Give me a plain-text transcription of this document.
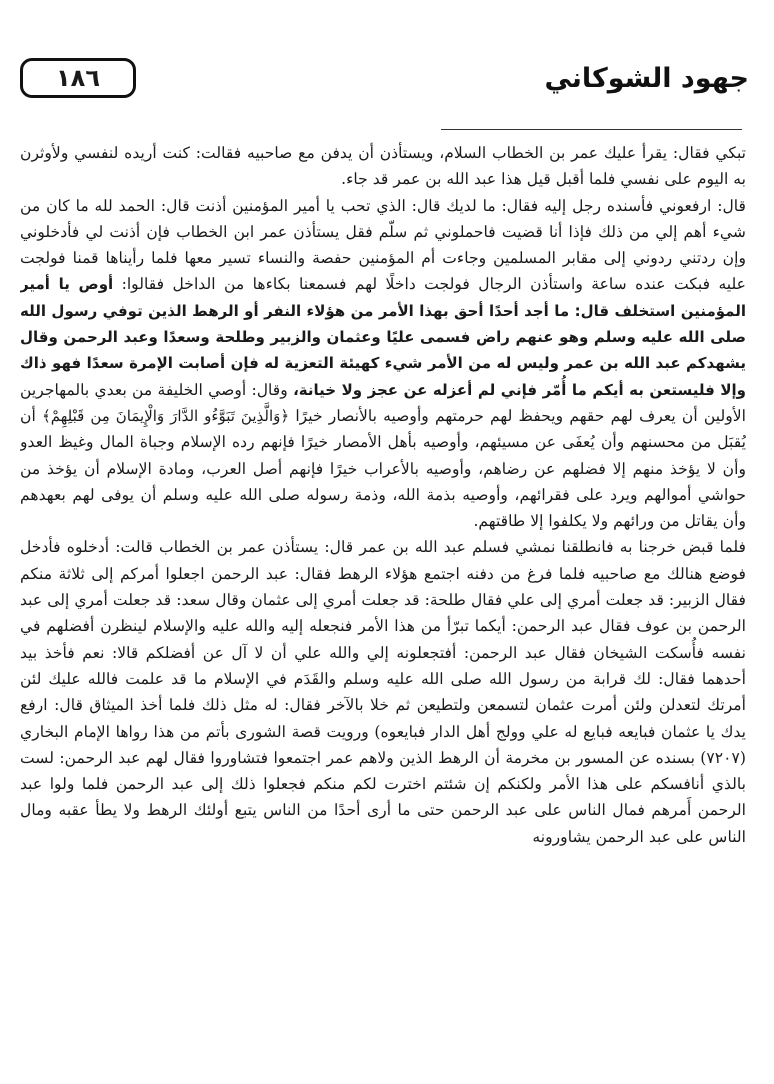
١٨٦	جهود الشوكاني

تبكي فقال: يقرأ عليك عمر بن الخطاب السلام، ويستأذن أن يدفن مع صاحبيه فقالت: كنت أريده لنفسي ولأوثرن به اليوم على نفسي فلما أقبل قيل هذا عبد الله بن عمر قد جاء.

قال: ارفعوني فأسنده رجل إليه فقال: ما لديك قال: الذي تحب يا أمير المؤمنين أذنت قال: الحمد لله ما كان من شيء أهم إلي من ذلك فإذا أنا قضيت فاحملوني ثم سلّم فقل يستأذن عمر ابن الخطاب فإن أذنت لي فأدخلوني وإن ردتني ردوني إلى مقابر المسلمين وجاءت أم المؤمنين حفصة والنساء تسير معها فلما رأيناها قمنا فولجت عليه فبكت عنده ساعة واستأذن الرجال فولجت داخلًا لهم فسمعنا بكاءها من الداخل فقالوا: أوص يا أمير المؤمنين استخلف قال: ما أجد أحدًا أحق بهذا الأمر من هؤلاء النفر أو الرهط الذين توفي رسول الله صلى الله عليه وسلم وهو عنهم راض فسمى عليًا وعثمان والزبير وطلحة وسعدًا وعبد الرحمن وقال يشهدكم عبد الله بن عمر وليس له من الأمر شيء كهيئة التعزية له فإن أصابت الإمرة سعدًا فهو ذاك وإلا فليستعن به أيكم ما أُمّر فإني لم أعزله عن عجز ولا خيانة، وقال: أوصي الخليفة من بعدي بالمهاجرين الأولين أن يعرف لهم حقهم ويحفظ لهم حرمتهم وأوصيه بالأنصار خيرًا ﴿وَالَّذِينَ تَبَوَّءُو الدَّارَ وَالْإِيمَانَ مِن قَبْلِهِمْ﴾ أن يُقبَل من محسنهم وأن يُعفَى عن مسيئهم، وأوصيه بأهل الأمصار خيرًا فإنهم رده الإسلام وجباة المال وغيظ العدو وأن لا يؤخذ منهم إلا فضلهم عن رضاهم، وأوصيه بالأعراب خيرًا فإنهم أصل العرب، ومادة الإسلام أن يؤخذ من حواشي أموالهم ويرد على فقرائهم، وأوصيه بذمة الله، وذمة رسوله صلى الله عليه وسلم أن يوفى لهم بعهدهم وأن يقاتل من ورائهم ولا يكلفوا إلا طاقتهم.

فلما قبض خرجنا به فانطلقنا نمشي فسلم عبد الله بن عمر قال: يستأذن عمر بن الخطاب قالت: أدخلوه فأدخل فوضع هنالك مع صاحبيه فلما فرغ من دفنه اجتمع هؤلاء الرهط فقال: عبد الرحمن اجعلوا أمركم إلى ثلاثة منكم فقال الزبير: قد جعلت أمري إلى علي فقال طلحة: قد جعلت أمري إلى عثمان وقال سعد: قد جعلت أمري إلى عبد الرحمن بن عوف فقال عبد الرحمن: أيكما تبرّأ من هذا الأمر فنجعله إليه والله عليه والإسلام لينظرن أفضلهم في نفسه فأُسكت الشيخان فقال عبد الرحمن: أفتجعلونه إلي والله علي أن لا آل عن أفضلكم قالا: نعم فأخذ بيد أحدهما فقال: لك قرابة من رسول الله صلى الله عليه وسلم والقَدَم في الإسلام ما قد علمت فالله عليك لئن أمرتك لتعدلن ولئن أمرت عثمان لتسمعن ولتطيعن ثم خلا بالآخر فقال: له مثل ذلك فلما أخذ الميثاق قال: ارفع يدك يا عثمان فبايعه فبايع له علي وولج أهل الدار فبايعوه) ورويت قصة الشورى بأتم من هذا رواها الإمام البخاري (٧٢٠٧) بسنده عن المسور بن مخرمة أن الرهط الذين ولاهم عمر اجتمعوا فتشاوروا فقال لهم عبد الرحمن: لست بالذي أنافسكم على هذا الأمر ولكنكم إن شئتم اخترت لكم منكم فجعلوا ذلك إلى عبد الرحمن فلما ولوا عبد الرحمن أَمرهم فمال الناس على عبد الرحمن حتى ما أرى أحدًا من الناس يتبع أولئك الرهط ولا يطأ عقبه ومال الناس على عبد الرحمن يشاورونه
